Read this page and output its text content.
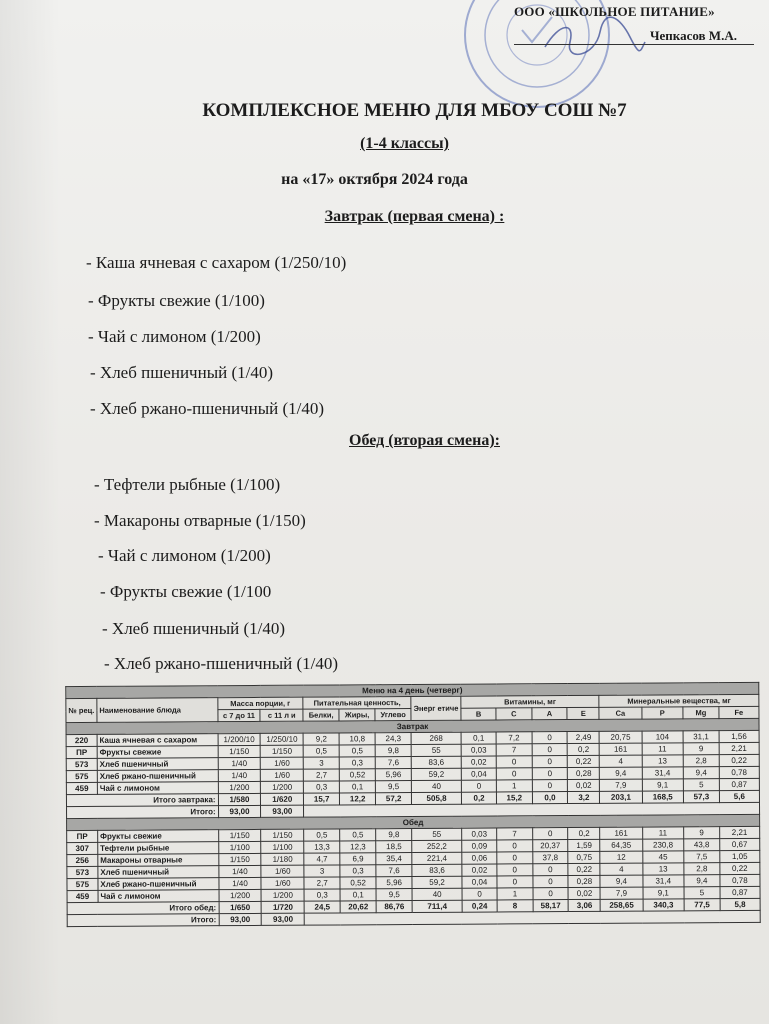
ООО «ШКОЛЬНОЕ ПИТАНИЕ»
Чепкасов М.А.
КОМПЛЕКСНОЕ МЕНЮ ДЛЯ МБОУ СОШ №7
(1-4 классы)
на «17» октября 2024 года
Завтрак (первая смена) :
- Каша ячневая с сахаром (1/250/10)
- Фрукты свежие (1/100)
- Чай с лимоном (1/200)
- Хлеб пшеничный (1/40)
- Хлеб ржано-пшеничный (1/40)
Обед (вторая смена):
- Тефтели рыбные (1/100)
- Макароны отварные (1/150)
- Чай с лимоном (1/200)
- Фрукты свежие (1/100
- Хлеб пшеничный (1/40)
- Хлеб ржано-пшеничный (1/40)
Меню на 4 день (четверг)															
№ рец.	Наименование блюда	Масса порции, г		Питательная ценность,			Энерг етиче	Витамины, мг				Минеральные вещества, мг			
		с 7 до 11	с 11 л и	Белки,	Жиры,	Углево		B	C	A	E	Ca	P	Mg	Fe
Завтрак															
220	Каша ячневая с сахаром	1/200/10	1/250/10	9,2	10,8	24,3	268	0,1	7,2	0	2,49	20,75	104	31,1	1,56
ПР	Фрукты свежие	1/150	1/150	0,5	0,5	9,8	55	0,03	7	0	0,2	161	11	9	2,21
573	Хлеб пшеничный	1/40	1/60	3	0,3	7,6	83,6	0,02	0	0	0,22	4	13	2,8	0,22
575	Хлеб ржано-пшеничный	1/40	1/60	2,7	0,52	5,96	59,2	0,04	0	0	0,28	9,4	31,4	9,4	0,78
459	Чай с лимоном	1/200	1/200	0,3	0,1	9,5	40	0	1	0	0,02	7,9	9,1	5	0,87
Итого завтрака:		1/580	1/620	15,7	12,2	57,2	505,8	0,2	15,2	0,0	3,2	203,1	168,5	57,3	5,6
Итого:		93,00	93,00												
Обед															
ПР	Фрукты свежие	1/150	1/150	0,5	0,5	9,8	55	0,03	7	0	0,2	161	11	9	2,21
307	Тефтели рыбные	1/100	1/100	13,3	12,3	18,5	252,2	0,09	0	20,37	1,59	64,35	230,8	43,8	0,67
256	Макароны отварные	1/150	1/180	4,7	6,9	35,4	221,4	0,06	0	37,8	0,75	12	45	7,5	1,05
573	Хлеб пшеничный	1/40	1/60	3	0,3	7,6	83,6	0,02	0	0	0,22	4	13	2,8	0,22
575	Хлеб ржано-пшеничный	1/40	1/60	2,7	0,52	5,96	59,2	0,04	0	0	0,28	9,4	31,4	9,4	0,78
459	Чай с лимоном	1/200	1/200	0,3	0,1	9,5	40	0	1	0	0,02	7,9	9,1	5	0,87
Итого обед:		1/650	1/720	24,5	20,62	86,76	711,4	0,24	8	58,17	3,06	258,65	340,3	77,5	5,8
Итого:		93,00	93,00												
